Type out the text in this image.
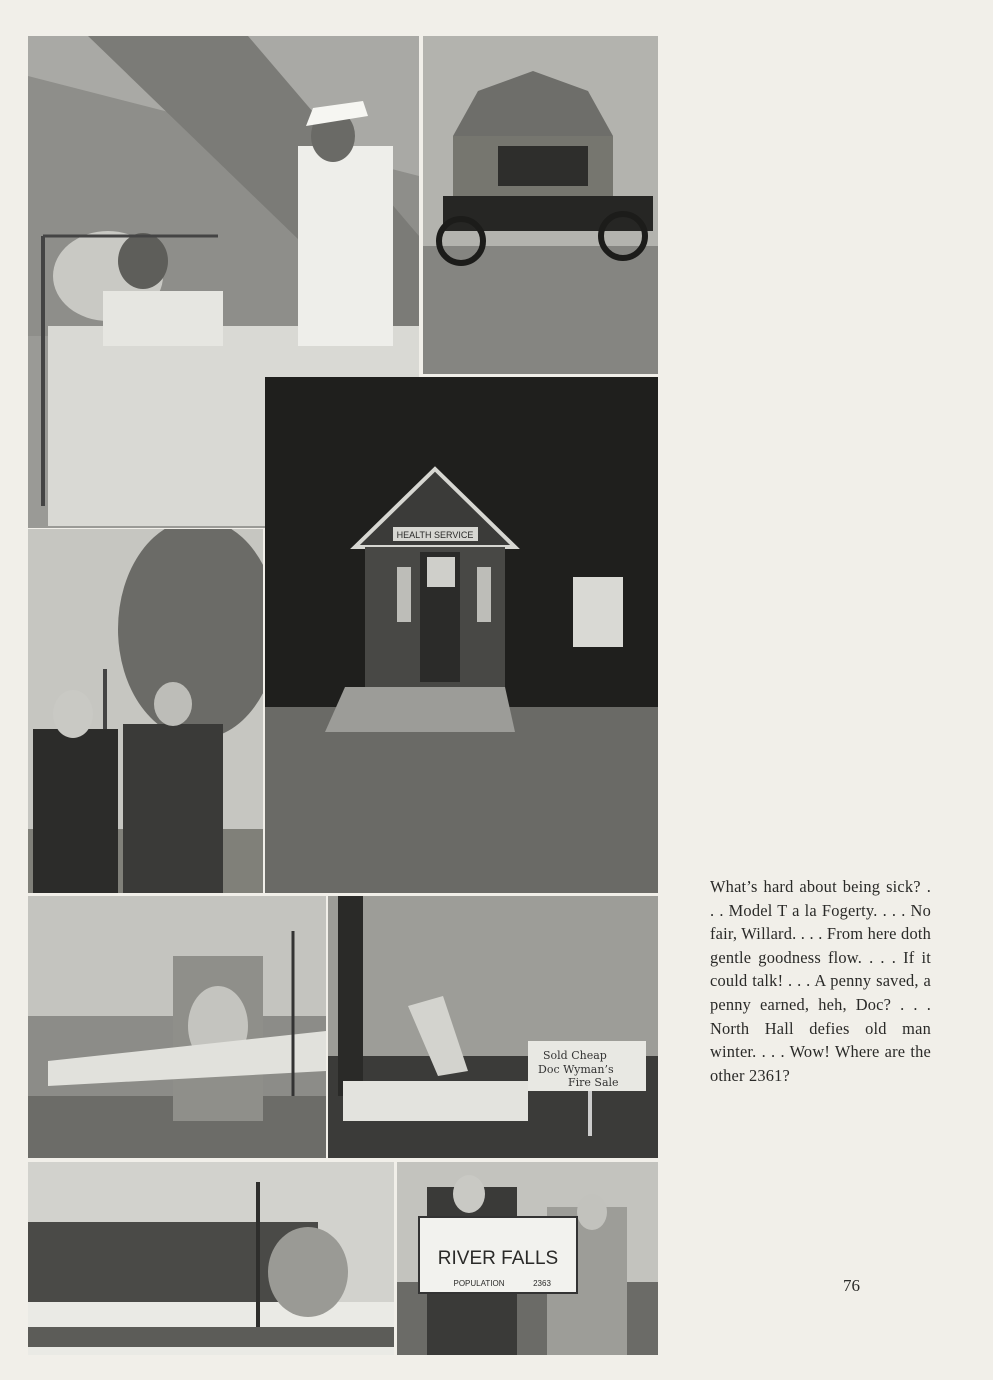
HEALTH SERVICE
Sold Cheap
Doc Wyman’s
Fire Sale
RIVER FALLS
POPULATION	2363
What’s hard about being sick? . . . Model T a la Fogerty. . . . No fair, Willard. . . . From here doth gentle goodness flow. . . . If it could talk! . . . A penny saved, a penny earned, heh, Doc? . . . North Hall defies old man winter. . . . Wow! Where are the other 2361?
76
